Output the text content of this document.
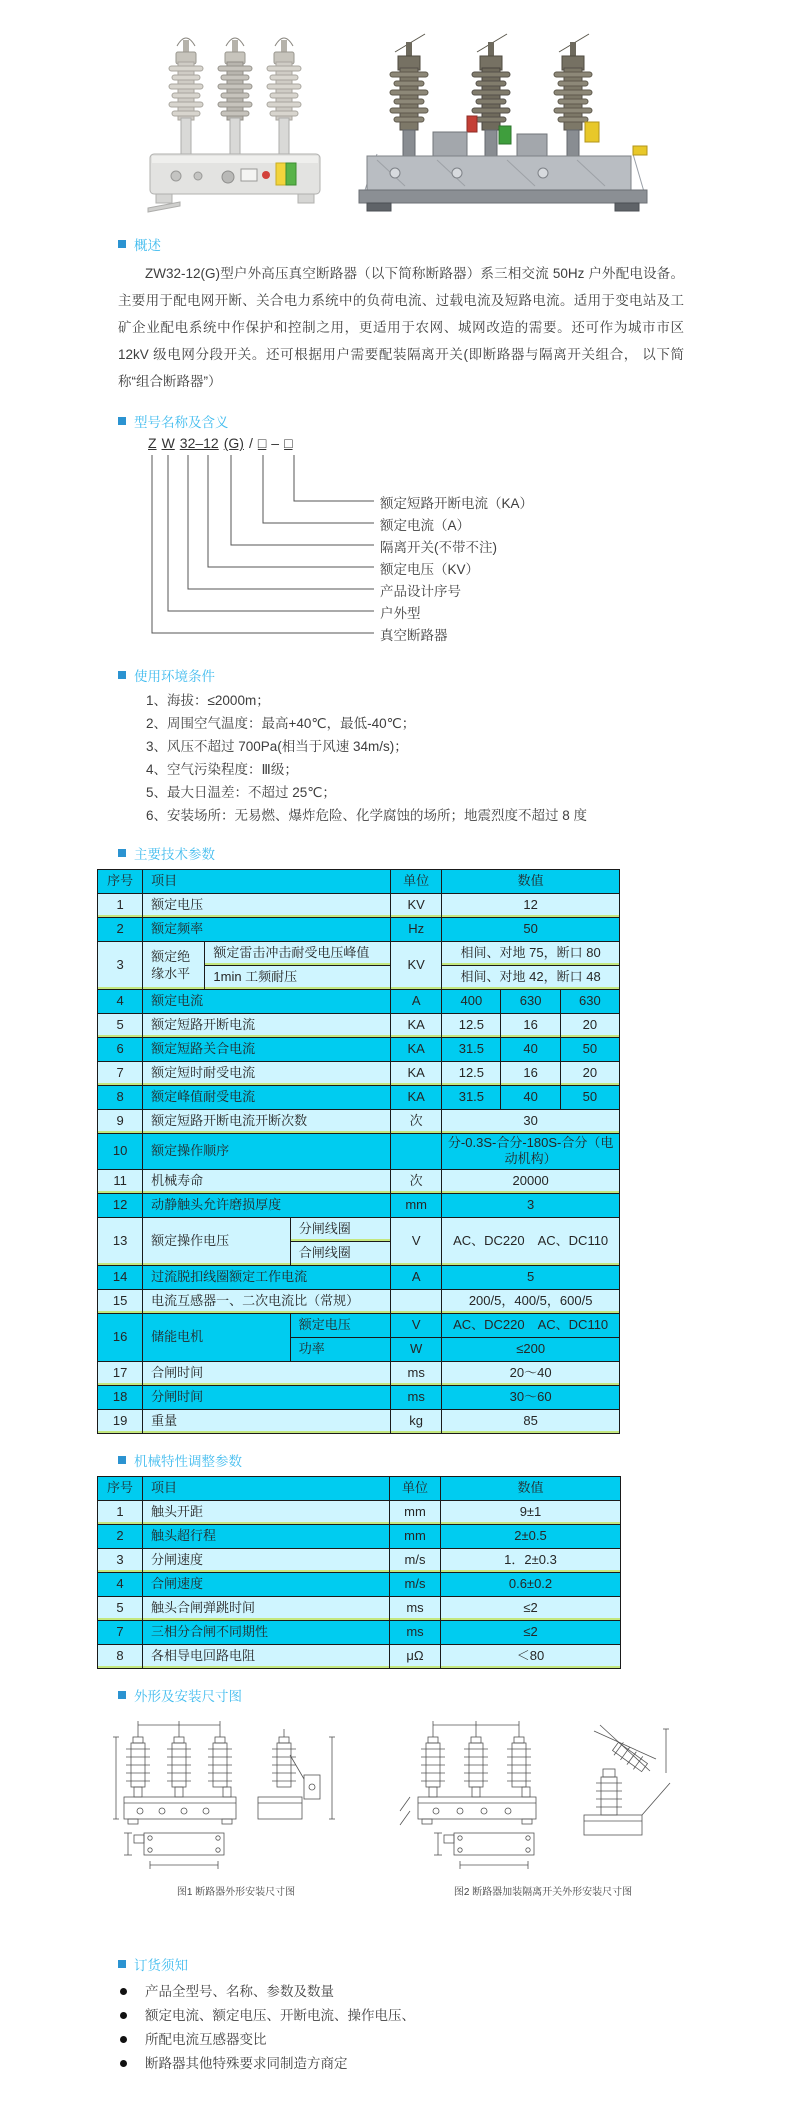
概述

ZW32-12(G)型户外高压真空断路器（以下简称断路器）系三相交流 50Hz 户外配电设备。主要用于配电网开断、关合电力系统中的负荷电流、过载电流及短路电流。适用于变电站及工矿企业配电系统中作保护和控制之用，更适用于农网、城网改造的需要。还可作为城市市区 12kV 级电网分段开关。还可根据用户需要配装隔离开关(即断路器与隔离开关组合， 以下简称“组合断路器”）

型号名称及含义
Z W 32–12 (G) / □ – □
额定短路开断电流（KA）
额定电流（A）
隔离开关(不带不注)
额定电压（KV）
产品设计序号
户外型
真空断路器
使用环境条件
1、海拔：≤2000m；
2、周围空气温度：最高+40℃，最低-40℃；
3、风压不超过 700Pa(相当于风速 34m/s)；
4、空气污染程度：Ⅲ级；
5、最大日温差：不超过 25℃；
6、安装场所：无易燃、爆炸危险、化学腐蚀的场所；地震烈度不超过 8 度
主要技术参数
序号	项目			单位	数值		
1	额定电压			KV	12		
2	额定频率			Hz	50		
3	额定绝缘水平	额定雷击冲击耐受电压峰值		KV	相间、对地 75，断口 80		
		1min 工频耐压			相间、对地 42，断口 48		
4	额定电流			A	400	630	630
5	额定短路开断电流			KA	12.5	16	20
6	额定短路关合电流			KA	31.5	40	50
7	额定短时耐受电流			KA	12.5	16	20
8	额定峰值耐受电流			KA	31.5	40	50
9	额定短路开断电流开断次数			次	30		
10	额定操作顺序				分-0.3S-合分-180S-合分（电动机构）		
11	机械寿命			次	20000		
12	动静触头允许磨损厚度			mm	3		
13	额定操作电压		分闸线圈	V	AC、DC220　AC、DC110		
			合闸线圈				
14	过流脱扣线圈额定工作电流			A	5		
15	电流互感器一、二次电流比（常规）				200/5，400/5，600/5		
16	储能电机		额定电压	V	AC、DC220　AC、DC110		
			功率	W	≤200		
17	合闸时间			ms	20～40		
18	分闸时间			ms	30～60		
19	重量			kg	85		
机械特性调整参数
序号	项目	单位	数值
1	触头开距	mm	9±1
2	触头超行程	mm	2±0.5
3	分闸速度	m/s	1．2±0.3
4	合闸速度	m/s	0.6±0.2
5	触头合闸弹跳时间	ms	≤2
7	三相分合闸不同期性	ms	≤2
8	各相导电回路电阻	μΩ	＜80
外形及安装尺寸图
图1 断路器外形安装尺寸图	图2 断路器加装隔离开关外形安装尺寸图
订货须知
产品全型号、名称、参数及数量
额定电流、额定电压、开断电流、操作电压、
所配电流互感器变比
断路器其他特殊要求同制造方商定
